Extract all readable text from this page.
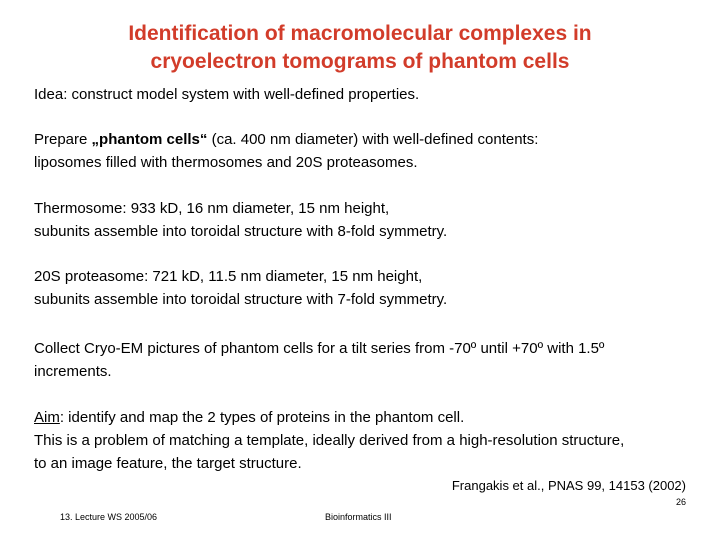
Identification of macromolecular complexes in
cryoelectron tomograms of phantom cells
Idea: construct model system with well-defined properties.
Prepare „phantom cells“ (ca. 400 nm diameter) with well-defined contents:
liposomes filled with thermosomes and 20S proteasomes.
Thermosome: 933 kD, 16 nm diameter, 15 nm height,
subunits assemble into toroidal structure with 8-fold symmetry.
20S proteasome: 721 kD, 11.5 nm diameter, 15 nm height,
subunits assemble into toroidal structure with 7-fold symmetry.
Collect Cryo-EM pictures of phantom cells for a tilt series from -70º until +70º with 1.5º
increments.
Aim: identify and map the 2 types of proteins in the phantom cell.
This is a problem of matching a template, ideally derived from a high-resolution structure,
to an image feature, the target structure.
Frangakis et al., PNAS 99, 14153 (2002)
26
13. Lecture WS 2005/06	Bioinformatics III
